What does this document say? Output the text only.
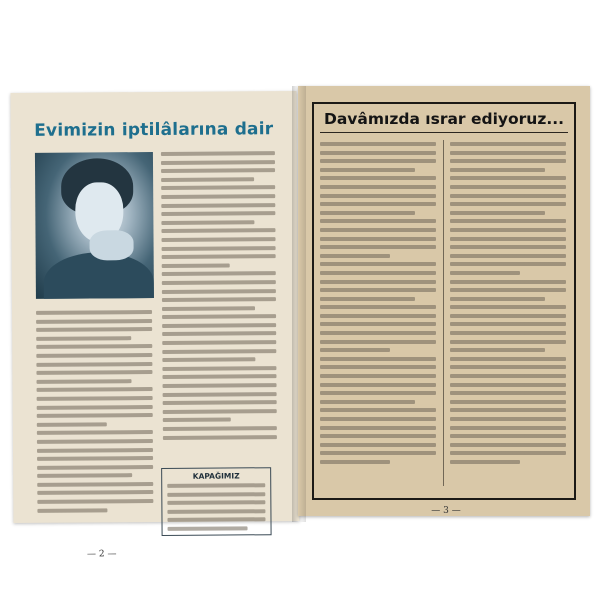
Evimizin iptilâlarına dair
KAPAĞIMIZ
— 2 —
Davâmızda ısrar ediyoruz...
— 3 —
